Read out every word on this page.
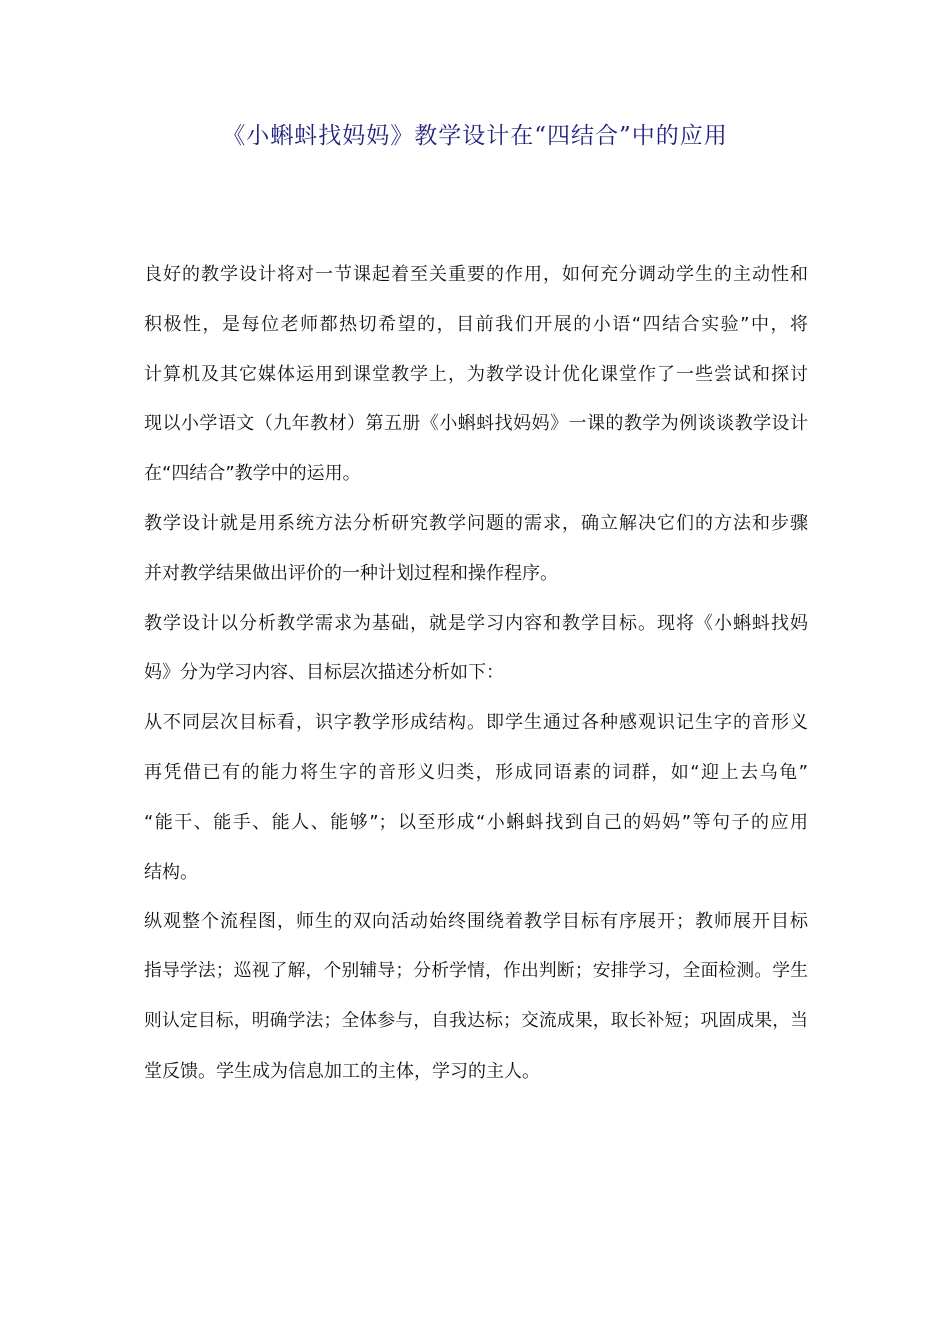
《小蝌蚪找妈妈》教学设计在“四结合”中的应用
良好的教学设计将对一节课起着至关重要的作用，如何充分调动学生的主动性和
积极性，是每位老师都热切希望的，目前我们开展的小语“四结合实验”中，将
计算机及其它媒体运用到课堂教学上，为教学设计优化课堂作了一些尝试和探讨
现以小学语文（九年教材）第五册《小蝌蚪找妈妈》一课的教学为例谈谈教学设计
在“四结合”教学中的运用。
教学设计就是用系统方法分析研究教学问题的需求，确立解决它们的方法和步骤
并对教学结果做出评价的一种计划过程和操作程序。
教学设计以分析教学需求为基础，就是学习内容和教学目标。现将《小蝌蚪找妈
妈》分为学习内容、目标层次描述分析如下：
从不同层次目标看，识字教学形成结构。即学生通过各种感观识记生字的音形义
再凭借已有的能力将生字的音形义归类，形成同语素的词群，如“迎上去乌龟”
“能干、能手、能人、能够”；以至形成“小蝌蚪找到自己的妈妈”等句子的应用
结构。
纵观整个流程图，师生的双向活动始终围绕着教学目标有序展开；教师展开目标
指导学法；巡视了解，个别辅导；分析学情，作出判断；安排学习，全面检测。学生
则认定目标，明确学法；全体参与，自我达标；交流成果，取长补短；巩固成果，当
堂反馈。学生成为信息加工的主体，学习的主人。
